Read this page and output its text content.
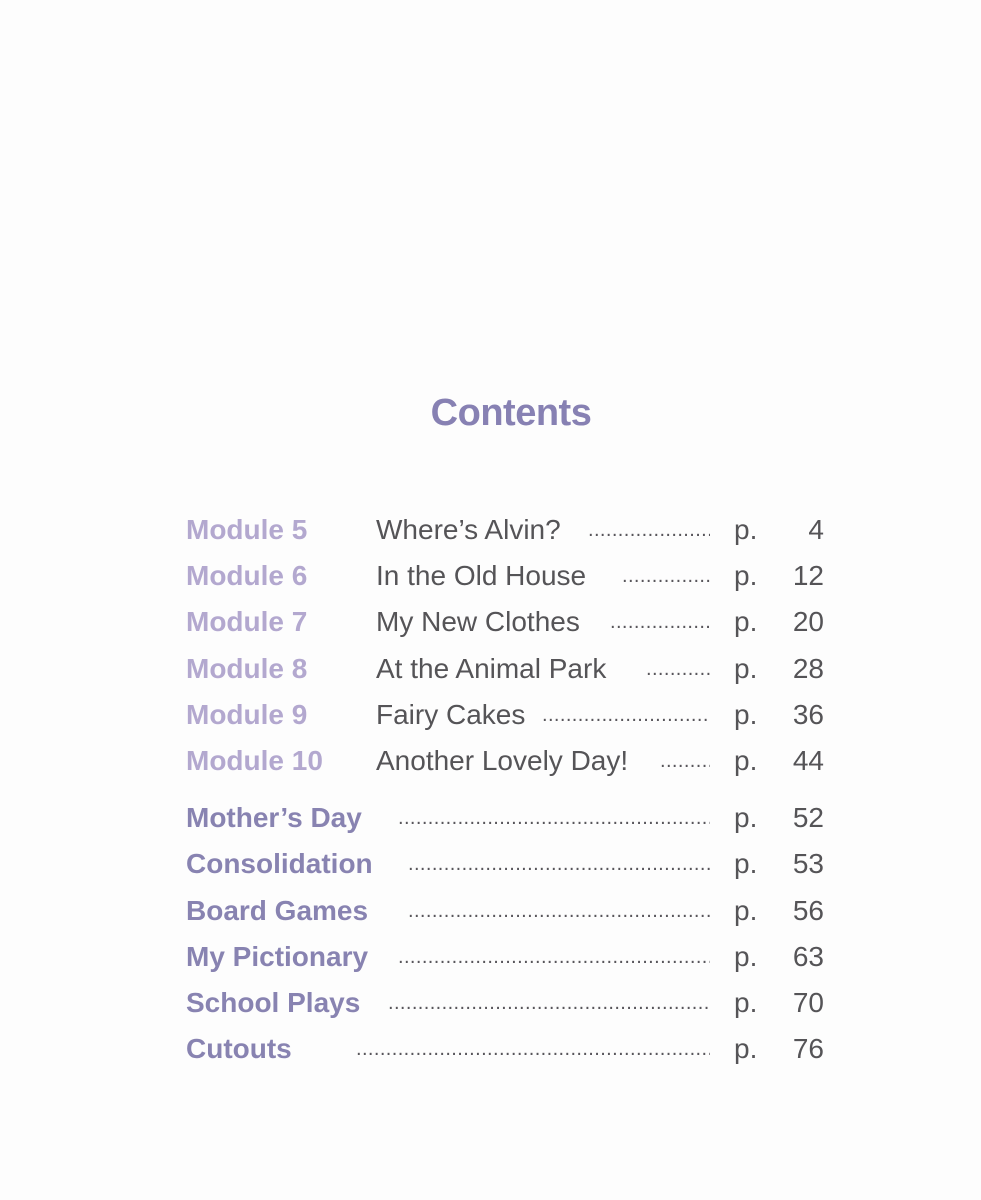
Contents
Module 5 Where’s Alvin? .....	p.	4
Module 6 In the Old House .....	p.	12
Module 7 My New Clothes .....	p.	20
Module 8 At the Animal Park .....	p.	28
Module 9 Fairy Cakes .....	p.	36
Module 10 Another Lovely Day! .....	p.	44
Mother’s Day .....	p.	52
Consolidation .....	p.	53
Board Games .....	p.	56
My Pictionary .....	p.	63
School Plays .....	p.	70
Cutouts .....	p.	76
